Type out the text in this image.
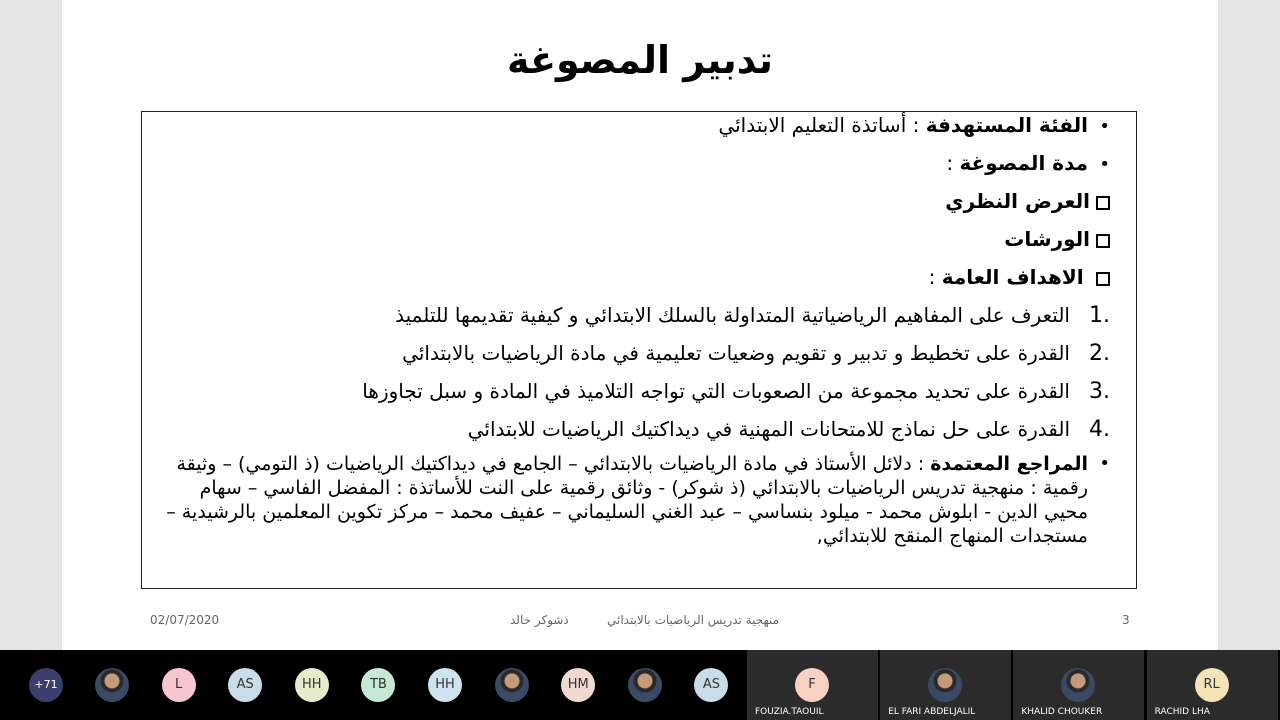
تدبير المصوغة
•الفئة المستهدفة : أساتذة التعليم الابتدائي
•مدة المصوغة :
العرض النظري
الورشات
الاهداف العامة :
.1التعرف على المفاهيم الرياضياتية المتداولة بالسلك الابتدائي و كيفية تقديمها للتلميذ
.2القدرة على تخطيط و تدبير و تقويم وضعيات تعليمية في مادة الرياضيات بالابتدائي
.3القدرة على تحديد مجموعة من الصعوبات التي تواجه التلاميذ في المادة و سبل تجاوزها
.4القدرة على حل نماذج للامتحانات المهنية في ديداكتيك الرياضيات للابتدائي
•
المراجع المعتمدة : دلائل الأستاذ في مادة الرياضيات بالابتدائي – الجامع في ديداكتيك الرياضيات (ذ التومي) – وثيقة رقمية : منهجية تدريس الرياضيات بالابتدائي (ذ شوكر) - وثائق رقمية على النت للأساتذة : المفضل الفاسي – سهام محيي الدين - ابلوش محمد - ميلود بنساسي – عبد الغني السليماني – عفيف محمد – مركز تكوين المعلمين بالرشيدية – مستجدات المنهاج المنقح للابتدائي,
02/07/2020	ذشوكر خالد	منهجية تدريس الرياضيات بالابتدائي	3
+71	L	AS	HH	TB	HH	HM	AS	F
FOUZIA.TAOUIL	EL FARI ABDELJALIL	KHALID CHOUKER
RL
RACHID LHA
